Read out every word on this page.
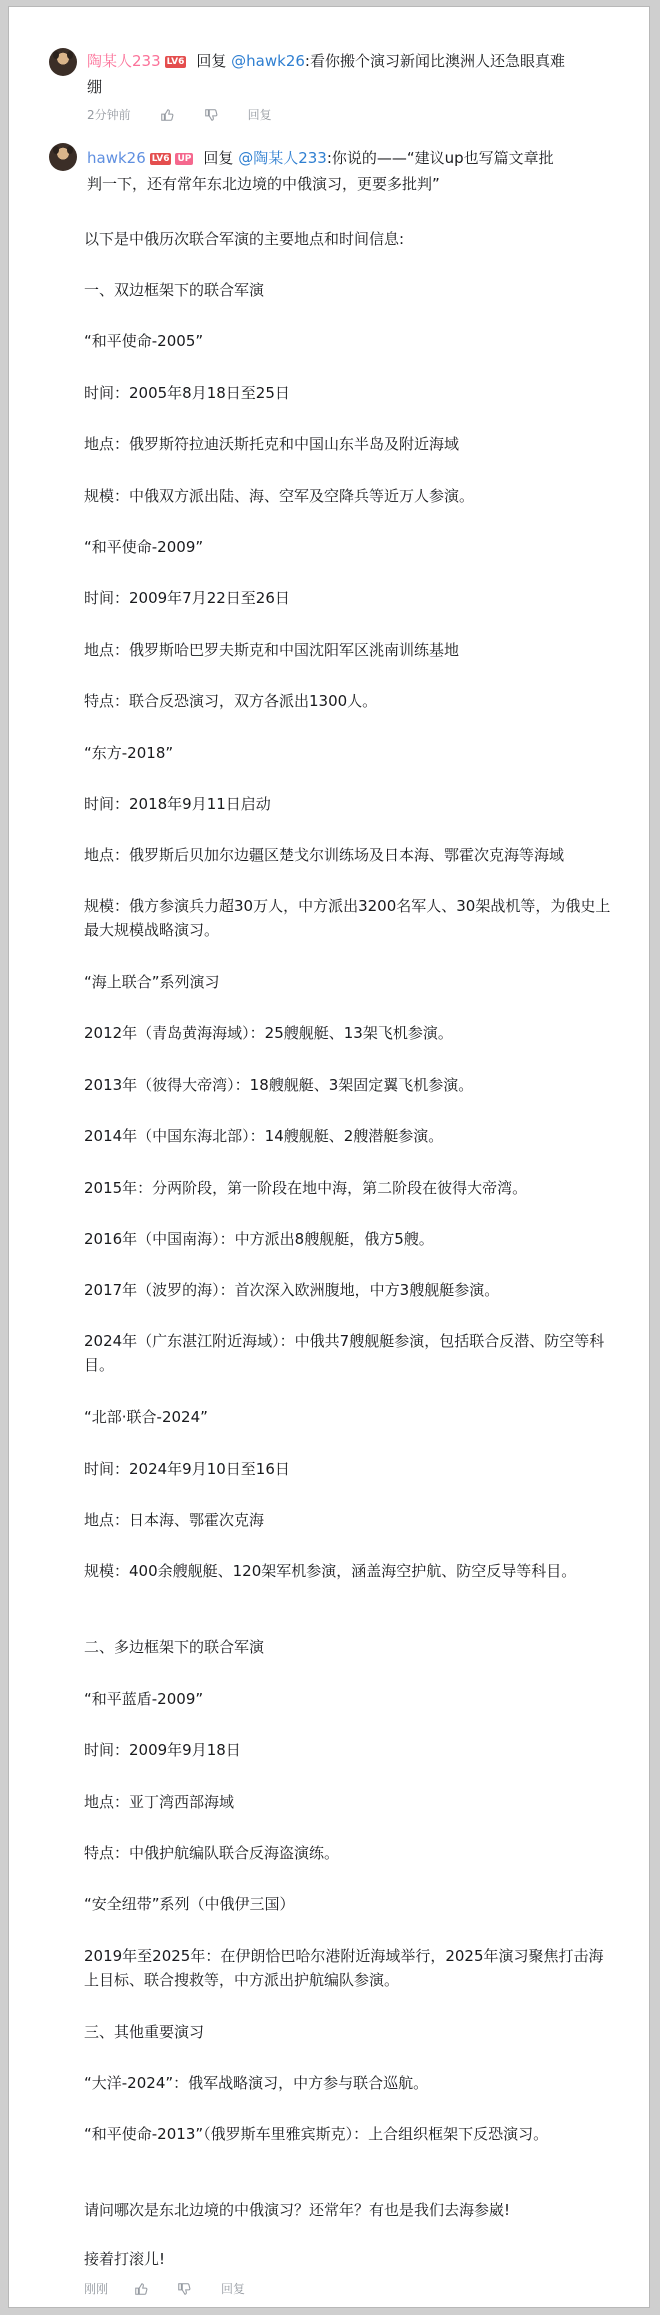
陶某人233 LV6 回复 @hawk26:看你搬个演习新闻比澳洲人还急眼真难
绷
2分钟前	回复
hawk26 LV6 UP 回复 @陶某人233:你说的——“建议up也写篇文章批
判一下，还有常年东北边境的中俄演习，更要多批判”
以下是中俄历次联合军演的主要地点和时间信息:
一、双边框架下的联合军演
“和平使命-2005”
时间：2005年8月18日至25日
地点：俄罗斯符拉迪沃斯托克和中国山东半岛及附近海域
规模：中俄双方派出陆、海、空军及空降兵等近万人参演。
“和平使命-2009”
时间：2009年7月22日至26日
地点：俄罗斯哈巴罗夫斯克和中国沈阳军区洮南训练基地
特点：联合反恐演习，双方各派出1300人。
“东方-2018”
时间：2018年9月11日启动
地点：俄罗斯后贝加尔边疆区楚戈尔训练场及日本海、鄂霍次克海等海域
规模：俄方参演兵力超30万人，中方派出3200名军人、30架战机等，为俄史上最大规模战略演习。
“海上联合”系列演习
2012年（青岛黄海海域）：25艘舰艇、13架飞机参演。
2013年（彼得大帝湾）：18艘舰艇、3架固定翼飞机参演。
2014年（中国东海北部）：14艘舰艇、2艘潜艇参演。
2015年：分两阶段，第一阶段在地中海，第二阶段在彼得大帝湾。
2016年（中国南海）：中方派出8艘舰艇，俄方5艘。
2017年（波罗的海）：首次深入欧洲腹地，中方3艘舰艇参演。
2024年（广东湛江附近海域）：中俄共7艘舰艇参演，包括联合反潜、防空等科目。
“北部·联合-2024”
时间：2024年9月10日至16日
地点：日本海、鄂霍次克海
规模：400余艘舰艇、120架军机参演，涵盖海空护航、防空反导等科目。
二、多边框架下的联合军演
“和平蓝盾-2009”
时间：2009年9月18日
地点：亚丁湾西部海域
特点：中俄护航编队联合反海盗演练。
“安全纽带”系列（中俄伊三国）
2019年至2025年：在伊朗恰巴哈尔港附近海域举行，2025年演习聚焦打击海上目标、联合搜救等，中方派出护航编队参演。
三、其他重要演习
“大洋-2024”：俄军战略演习，中方参与联合巡航。
“和平使命-2013”（俄罗斯车里雅宾斯克）：上合组织框架下反恐演习。
请问哪次是东北边境的中俄演习？还常年？有也是我们去海参崴!
接着打滚儿!
刚刚	回复
